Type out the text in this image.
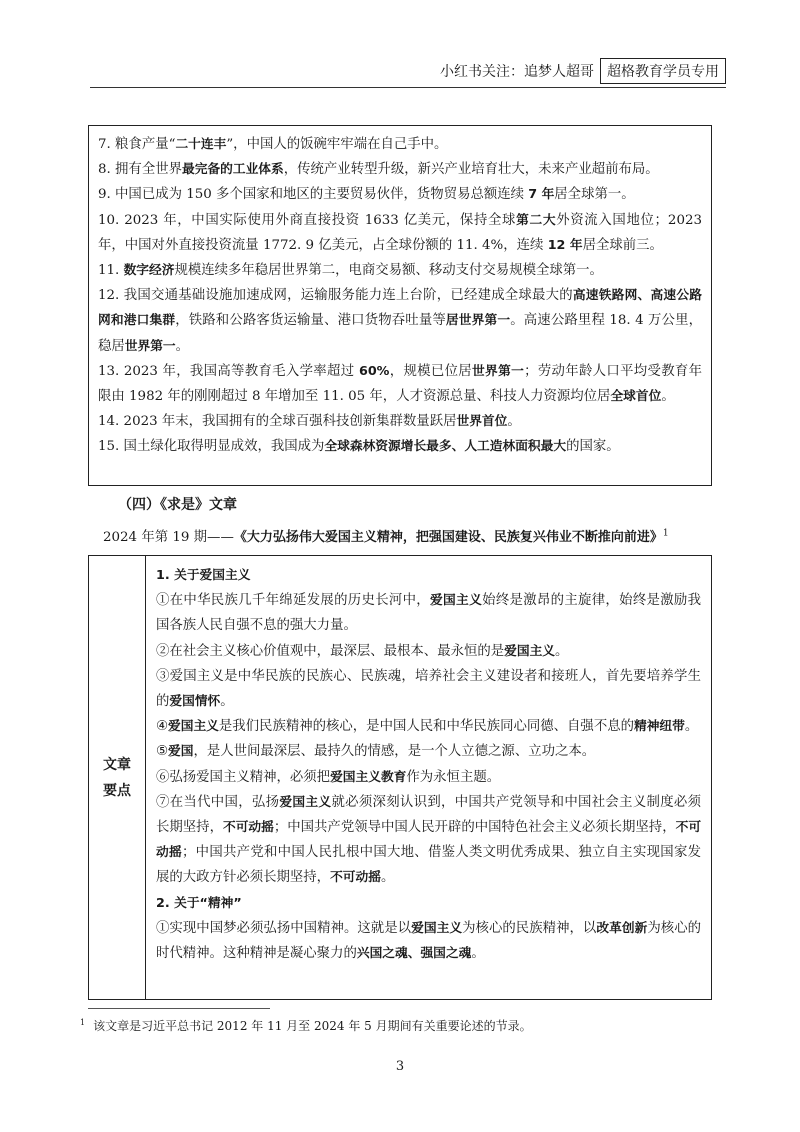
小红书关注：追梦人超哥 超格教育学员专用

7. 粮食产量“二十连丰”，中国人的饭碗牢牢端在自己手中。

8. 拥有全世界最完备的工业体系，传统产业转型升级，新兴产业培育壮大，未来产业超前布局。

9. 中国已成为 150 多个国家和地区的主要贸易伙伴，货物贸易总额连续 7 年居全球第一。

10. 2023 年，中国实际使用外商直接投资 1633 亿美元，保持全球第二大外资流入国地位；2023 年，中国对外直接投资流量 1772. 9 亿美元，占全球份额的 11. 4%，连续 12 年居全球前三。

11. 数字经济规模连续多年稳居世界第二，电商交易额、移动支付交易规模全球第一。

12. 我国交通基础设施加速成网，运输服务能力连上台阶，已经建成全球最大的高速铁路网、高速公路网和港口集群，铁路和公路客货运输量、港口货物吞吐量等居世界第一。高速公路里程 18. 4 万公里，稳居世界第一。

13. 2023 年，我国高等教育毛入学率超过 60%，规模已位居世界第一；劳动年龄人口平均受教育年限由 1982 年的刚刚超过 8 年增加至 11. 05 年，人才资源总量、科技人力资源均位居全球首位。

14. 2023 年末，我国拥有的全球百强科技创新集群数量跃居世界首位。

15. 国土绿化取得明显成效，我国成为全球森林资源增长最多、人工造林面积最大的国家。

（四）《求是》文章
2024 年第 19 期——《大力弘扬伟大爱国主义精神，把强国建设、民族复兴伟业不断推向前进》$^1$
文章
要点

1. 关于爱国主义

①在中华民族几千年绵延发展的历史长河中，爱国主义始终是激昂的主旋律，始终是激励我国各族人民自强不息的强大力量。

②在社会主义核心价值观中，最深层、最根本、最永恒的是爱国主义。

③爱国主义是中华民族的民族心、民族魂，培养社会主义建设者和接班人，首先要培养学生的爱国情怀。

④爱国主义是我们民族精神的核心，是中国人民和中华民族同心同德、自强不息的精神纽带。

⑤爱国，是人世间最深层、最持久的情感，是一个人立德之源、立功之本。

⑥弘扬爱国主义精神，必须把爱国主义教育作为永恒主题。

⑦在当代中国，弘扬爱国主义就必须深刻认识到，中国共产党领导和中国社会主义制度必须长期坚持，不可动摇；中国共产党领导中国人民开辟的中国特色社会主义必须长期坚持，不可动摇；中国共产党和中国人民扎根中国大地、借鉴人类文明优秀成果、独立自主实现国家发展的大政方针必须长期坚持，不可动摇。

2. 关于“精神”

①实现中国梦必须弘扬中国精神。这就是以爱国主义为核心的民族精神，以改革创新为核心的时代精神。这种精神是凝心聚力的兴国之魂、强国之魂。

$^1$ 该文章是习近平总书记 2012 年 11 月至 2024 年 5 月期间有关重要论述的节录。
3
